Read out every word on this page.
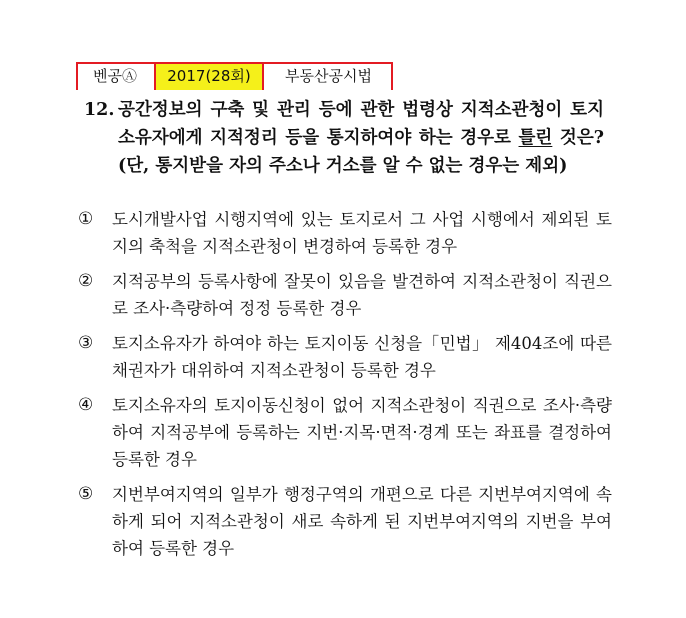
벤공Ⓐ	2017(28회)	부동산공시법
12. 공간정보의 구축 및 관리 등에 관한 법령상 지적소관청이 토지소유자에게 지적정리 등을 통지하여야 하는 경우로 틀린 것은?(단, 통지받을 자의 주소나 거소를 알 수 없는 경우는 제외)
①	도시개발사업 시행지역에 있는 토지로서 그 사업 시행에서 제외된 토지의 축척을 지적소관청이 변경하여 등록한 경우
②	지적공부의 등록사항에 잘못이 있음을 발견하여 지적소관청이 직권으로 조사·측량하여 정정 등록한 경우
③	토지소유자가 하여야 하는 토지이동 신청을「민법」 제404조에 따른 채권자가 대위하여 지적소관청이 등록한 경우
④	토지소유자의 토지이동신청이 없어 지적소관청이 직권으로 조사·측량하여 지적공부에 등록하는 지번·지목·면적·경계 또는 좌표를 결정하여 등록한 경우
⑤	지번부여지역의 일부가 행정구역의 개편으로 다른 지번부여지역에 속하게 되어 지적소관청이 새로 속하게 된 지번부여지역의 지번을 부여하여 등록한 경우
